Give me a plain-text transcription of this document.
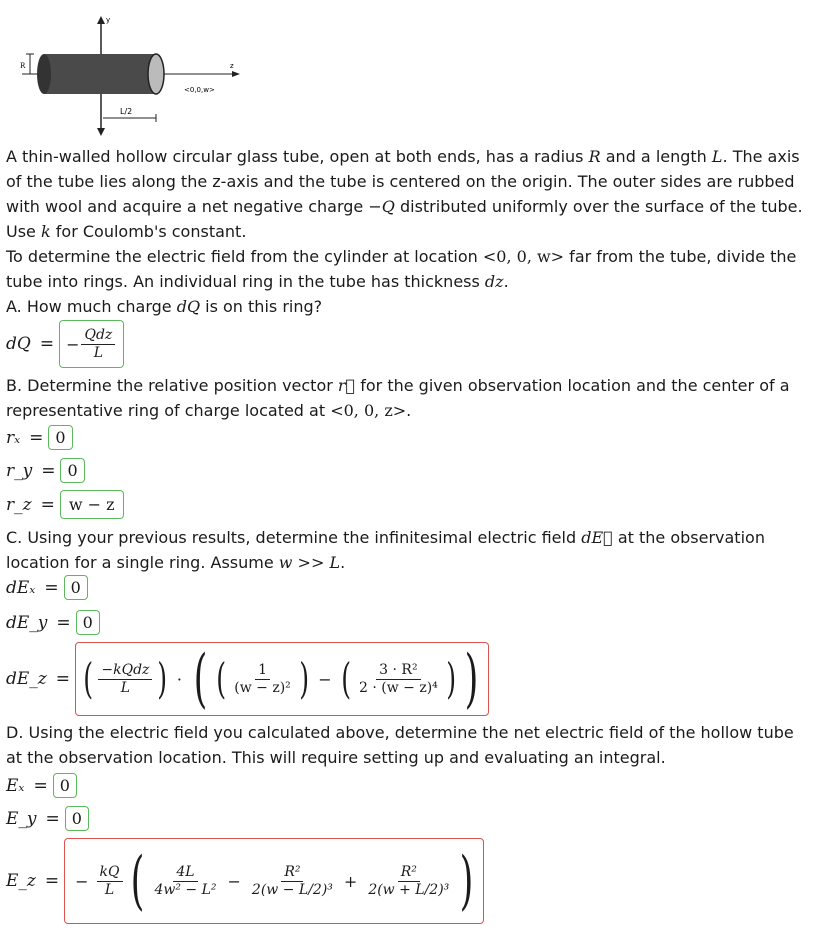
y
z
R
<0,0,w>
L/2
A thin-walled hollow circular glass tube, open at both ends, has a radius R and a length L. The axis of the tube lies along the z-axis and the tube is centered on the origin. The outer sides are rubbed with wool and acquire a net negative charge −Q distributed uniformly over the surface of the tube. Use k for Coulomb's constant.
To determine the electric field from the cylinder at location <0, 0, w> far from the tube, divide the tube into rings. An individual ring in the tube has thickness dz.
A. How much charge dQ is on this ring?
dQ = − $\frac{\text{Qdz}}{L}$
B. Determine the relative position vector r⃗ for the given observation location and the center of a representative ring of charge located at <0, 0, z>.
rₓ = 0
r_y = 0
r_z = w − z
C. Using your previous results, determine the infinitesimal electric field dE⃗ at the observation location for a single ring. Assume w >> L.
dEₓ = 0
dE_y = 0
dE_z = ( $\frac{\text{−kQdz}}{L}$ ) · ( ( $\frac{1}{\text{(w − z)²}}$ ) − ( $\frac{\text{3 · R²}}{\text{2 · (w − z)⁴}}$ ) )
D. Using the electric field you calculated above, determine the net electric field of the hollow tube at the observation location. This will require setting up and evaluating an integral.
Eₓ = 0
E_y = 0
E_z = − $\frac{kQ}{L}$ ( $\frac{4L}{\text{4w² − L²}} - \frac{\text{R²}}{\text{2(w − L/2)³}} + \frac{\text{R²}}{\text{2(w + L/2)³}}$ )
